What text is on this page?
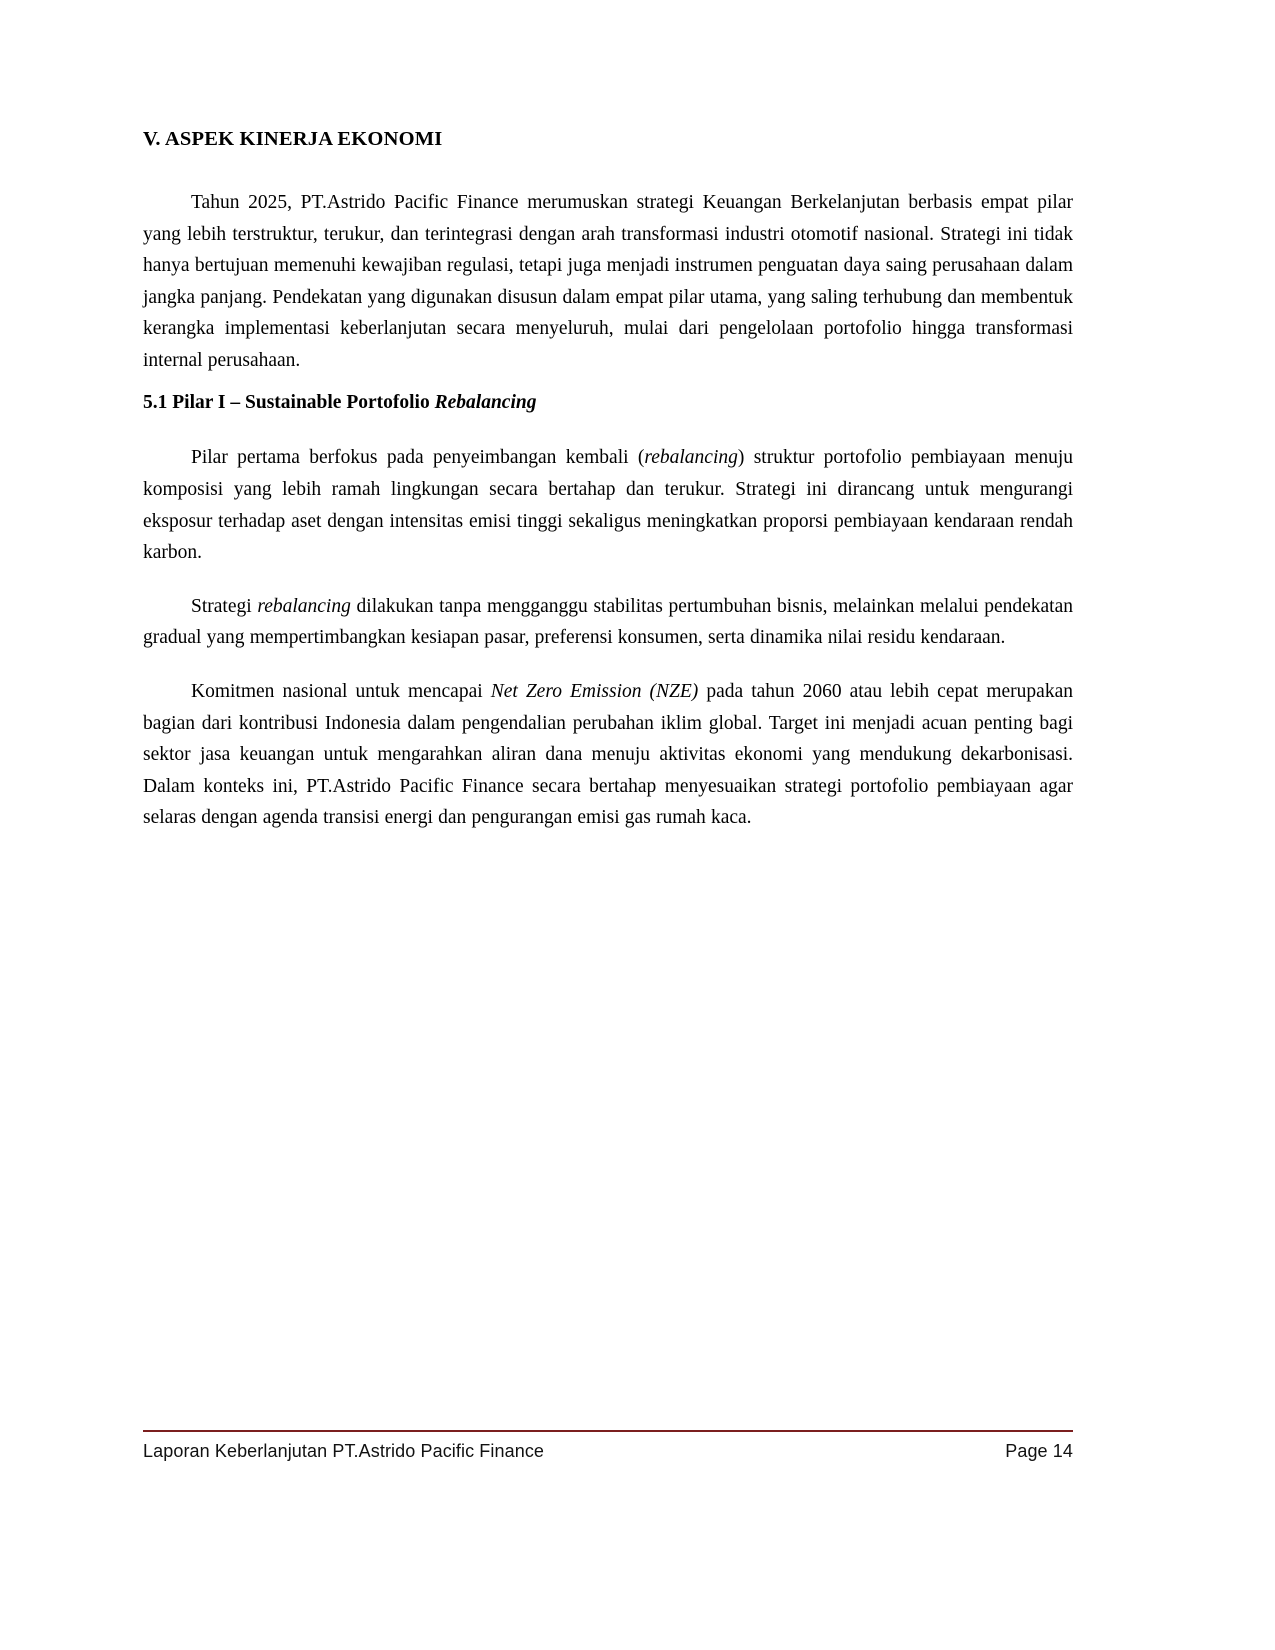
V. ASPEK KINERJA EKONOMI

Tahun 2025, PT.Astrido Pacific Finance merumuskan strategi Keuangan Berkelanjutan berbasis empat pilar yang lebih terstruktur, terukur, dan terintegrasi dengan arah transformasi industri otomotif nasional. Strategi ini tidak hanya bertujuan memenuhi kewajiban regulasi, tetapi juga menjadi instrumen penguatan daya saing perusahaan dalam jangka panjang. Pendekatan yang digunakan disusun dalam empat pilar utama, yang saling terhubung dan membentuk kerangka implementasi keberlanjutan secara menyeluruh, mulai dari pengelolaan portofolio hingga transformasi internal perusahaan.

5.1 Pilar I – Sustainable Portofolio Rebalancing

Pilar pertama berfokus pada penyeimbangan kembali (rebalancing) struktur portofolio pembiayaan menuju komposisi yang lebih ramah lingkungan secara bertahap dan terukur. Strategi ini dirancang untuk mengurangi eksposur terhadap aset dengan intensitas emisi tinggi sekaligus meningkatkan proporsi pembiayaan kendaraan rendah karbon.

Strategi rebalancing dilakukan tanpa mengganggu stabilitas pertumbuhan bisnis, melainkan melalui pendekatan gradual yang mempertimbangkan kesiapan pasar, preferensi konsumen, serta dinamika nilai residu kendaraan.

Komitmen nasional untuk mencapai Net Zero Emission (NZE) pada tahun 2060 atau lebih cepat merupakan bagian dari kontribusi Indonesia dalam pengendalian perubahan iklim global. Target ini menjadi acuan penting bagi sektor jasa keuangan untuk mengarahkan aliran dana menuju aktivitas ekonomi yang mendukung dekarbonisasi. Dalam konteks ini, PT.Astrido Pacific Finance secara bertahap menyesuaikan strategi portofolio pembiayaan agar selaras dengan agenda transisi energi dan pengurangan emisi gas rumah kaca.

Laporan Keberlanjutan PT.Astrido Pacific Finance	Page 14
